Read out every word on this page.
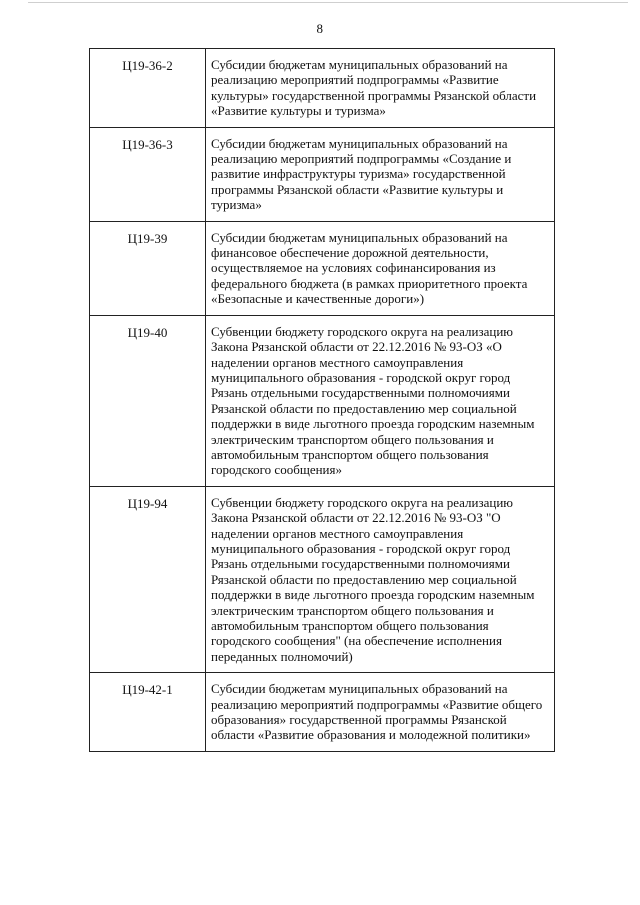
8
Ц19-36-2	Субсидии бюджетам муниципальных образований на реализацию мероприятий подпрограммы «Развитие культуры» государственной программы Рязанской области «Развитие культуры и туризма»
Ц19-36-3	Субсидии бюджетам муниципальных образований на реализацию мероприятий подпрограммы «Создание и развитие инфраструктуры туризма» государственной программы Рязанской области «Развитие культуры и туризма»
Ц19-39	Субсидии бюджетам муниципальных образований на финансовое обеспечение дорожной деятельности, осуществляемое на условиях софинансирования из федерального бюджета (в рамках приоритетного проекта «Безопасные и качественные дороги»)
Ц19-40	Субвенции бюджету городского округа на реализацию Закона Рязанской области от 22.12.2016 № 93-ОЗ «О наделении органов местного самоуправления муниципального образования - городской округ город Рязань отдельными государственными полномочиями Рязанской области по предоставлению мер социальной поддержки в виде льготного проезда городским наземным электрическим транспортом общего пользования и автомобильным транспортом общего пользования городского сообщения»
Ц19-94	Субвенции бюджету городского округа на реализацию Закона Рязанской области от 22.12.2016 № 93-ОЗ "О наделении органов местного самоуправления муниципального образования - городской округ город Рязань отдельными государственными полномочиями Рязанской области по предоставлению мер социальной поддержки в виде льготного проезда городским наземным электрическим транспортом общего пользования и автомобильным транспортом общего пользования городского сообщения" (на обеспечение исполнения переданных полномочий)
Ц19-42-1	Субсидии бюджетам муниципальных образований на реализацию мероприятий подпрограммы «Развитие общего образования» государственной программы Рязанской области «Развитие образования и молодежной политики»
